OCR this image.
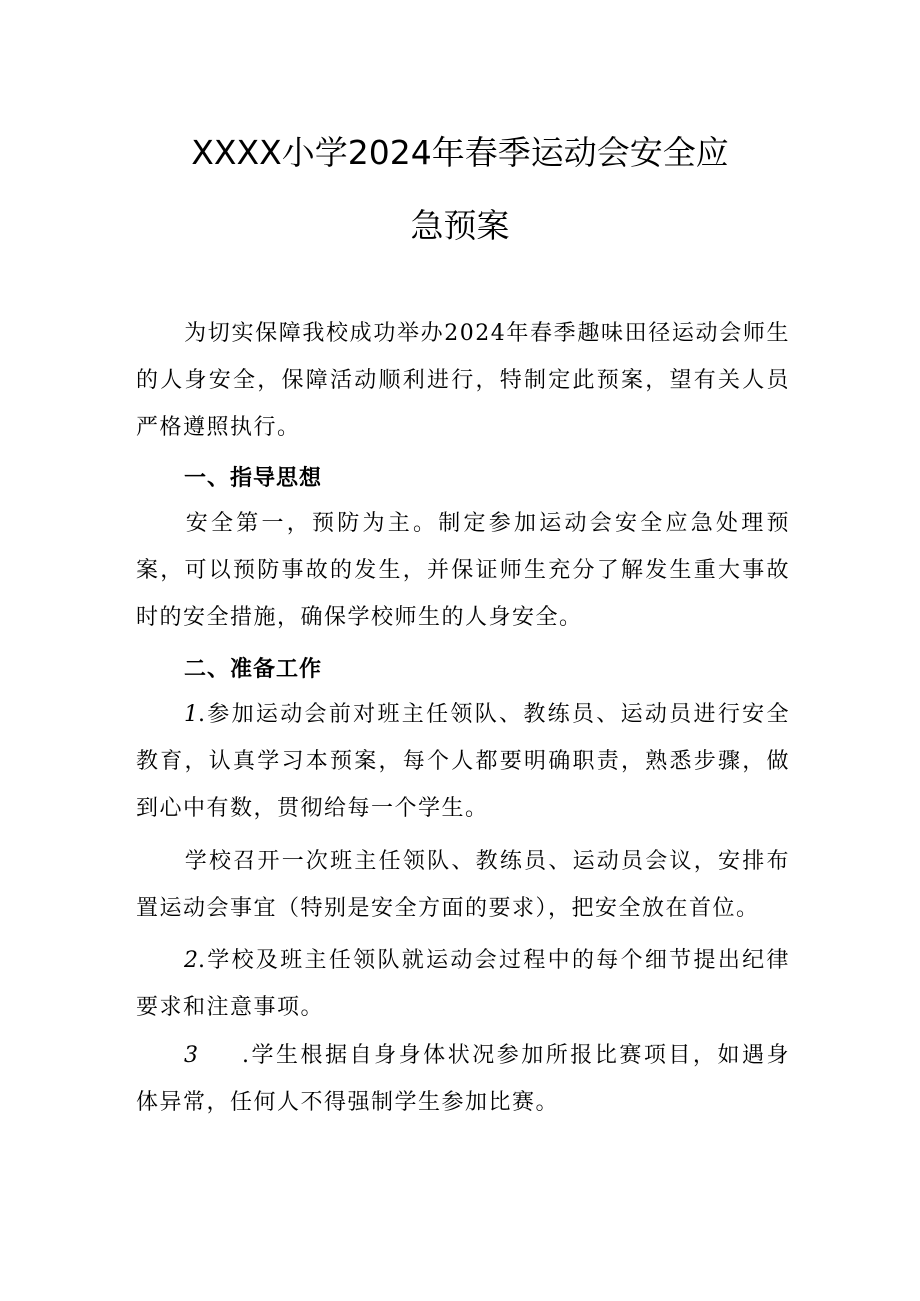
XXXX小学2024年春季运动会安全应
急预案

为切实保障我校成功举办2024年春季趣味田径运动会师生的人身安全，保障活动顺利进行，特制定此预案，望有关人员严格遵照执行。

一、指导思想

安全第一，预防为主。制定参加运动会安全应急处理预案，可以预防事故的发生，并保证师生充分了解发生重大事故时的安全措施，确保学校师生的人身安全。

二、准备工作

1.参加运动会前对班主任领队、教练员、运动员进行安全教育，认真学习本预案，每个人都要明确职责，熟悉步骤，做到心中有数，贯彻给每一个学生。

学校召开一次班主任领队、教练员、运动员会议，安排布置运动会事宜（特别是安全方面的要求），把安全放在首位。

2.学校及班主任领队就运动会过程中的每个细节提出纪律要求和注意事项。

3 .学生根据自身身体状况参加所报比赛项目，如遇身体异常，任何人不得强制学生参加比赛。
